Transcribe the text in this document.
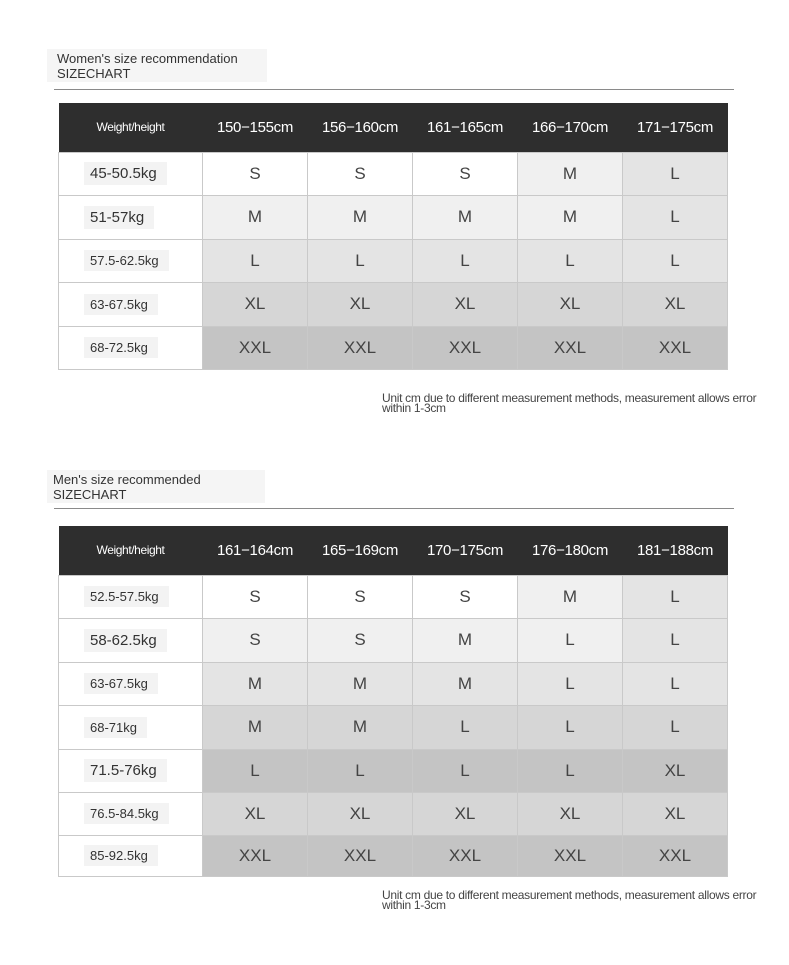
Women's size recommendation SIZECHART
Weight/height	150−155cm	156−160cm	161−165cm	166−170cm	171−175cm
45-50.5kg	S	S	S	M	L
51-57kg	M	M	M	M	L
57.5-62.5kg	L	L	L	L	L
63-67.5kg	XL	XL	XL	XL	XL
68-72.5kg	XXL	XXL	XXL	XXL	XXL
Unit cm due to different measurement methods, measurement allows error within 1-3cm
Men's size recommended SIZECHART
Weight/height	161−164cm	165−169cm	170−175cm	176−180cm	181−188cm
52.5-57.5kg	S	S	S	M	L
58-62.5kg	S	S	M	L	L
63-67.5kg	M	M	M	L	L
68-71kg	M	M	L	L	L
71.5-76kg	L	L	L	L	XL
76.5-84.5kg	XL	XL	XL	XL	XL
85-92.5kg	XXL	XXL	XXL	XXL	XXL
Unit cm due to different measurement methods, measurement allows error within 1-3cm
